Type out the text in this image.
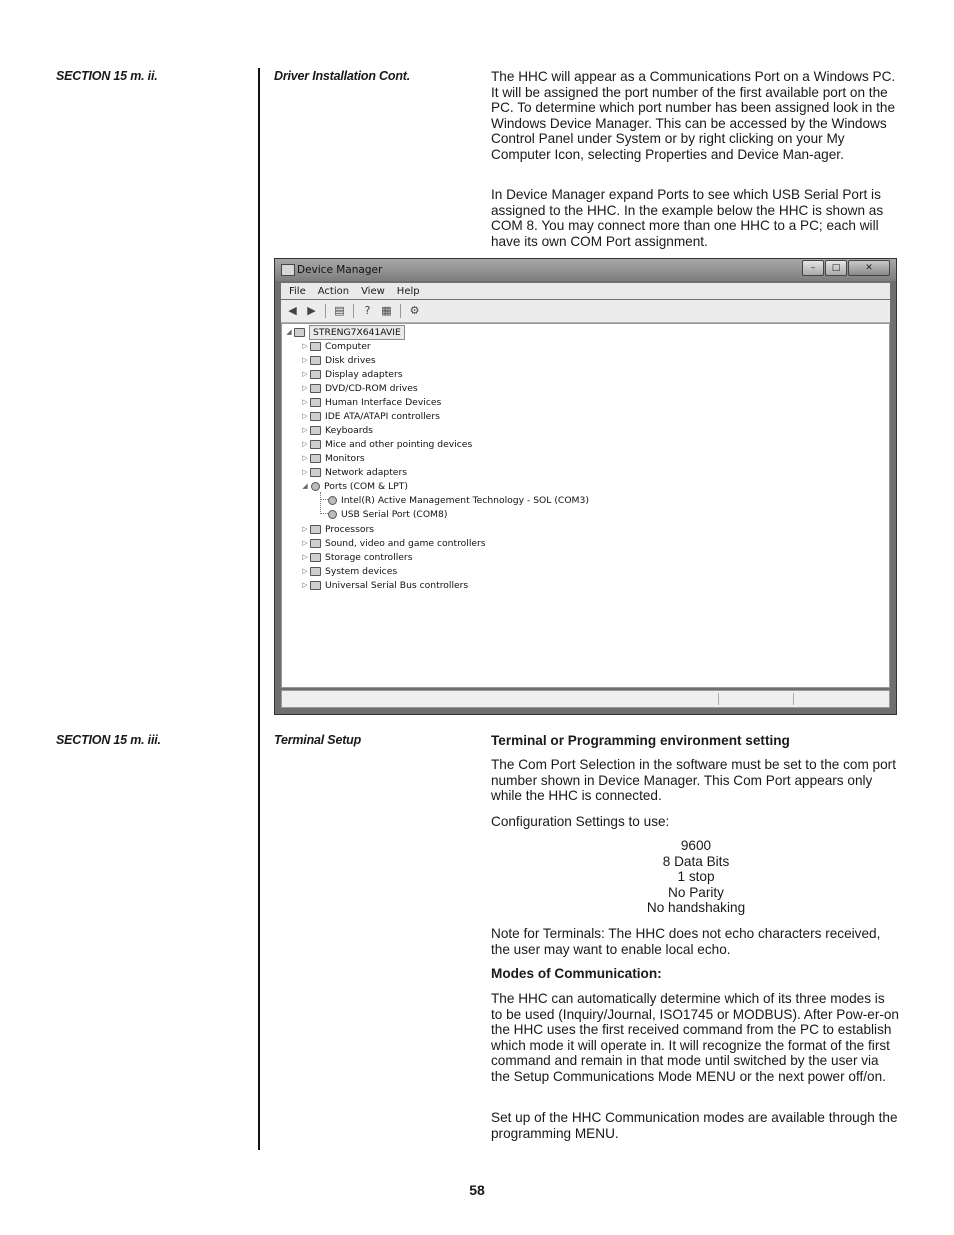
SECTION 15 m. ii.	Driver Installation Cont.
SECTION 15 m. iii.	Terminal Setup

The HHC will appear as a Communications Port on a Windows PC. It will be assigned the port number of the first available port on the PC. To determine which port number has been assigned look in the Windows Device Manager. This can be accessed by the Windows Control Panel under System or by right clicking on your My Computer Icon, selecting Properties and Device Man-ager.

In Device Manager expand Ports to see which USB Serial Port is assigned to the HHC. In the example below the HHC is shown as COM 8. You may connect more than one HHC to a PC; each will have its own COM Port assignment.

Device Manager	–	□	✕
File Action View Help
◀ ▶ ▤	? ▦ ⚙
◢	STRENG7X641AVIE
▷ Computer
▷ Disk drives
▷ Display adapters
▷ DVD/CD-ROM drives
▷ Human Interface Devices
▷ IDE ATA/ATAPI controllers
▷ Keyboards
▷ Mice and other pointing devices
▷ Monitors
▷ Network adapters
◢ Ports (COM & LPT)
Intel(R) Active Management Technology - SOL (COM3)
USB Serial Port (COM8)
▷ Processors
▷ Sound, video and game controllers
▷ Storage controllers
▷ System devices
▷ Universal Serial Bus controllers

Terminal or Programming environment setting

The Com Port Selection in the software must be set to the com port number shown in Device Manager. This Com Port appears only while the HHC is connected.

Configuration Settings to use:

9600
8 Data Bits
1 stop
No Parity
No handshaking

Note for Terminals: The HHC does not echo characters received, the user may want to enable local echo.

Modes of Communication:

The HHC can automatically determine which of its three modes is to be used (Inquiry/Journal, ISO1745 or MODBUS). After Pow-er-on the HHC uses the first received command from the PC to establish which mode it will operate in. It will recognize the format of the first command and remain in that mode until switched by the user via the Setup Communications Mode MENU or the next power off/on.

Set up of the HHC Communication modes are available through the programming MENU.

58
